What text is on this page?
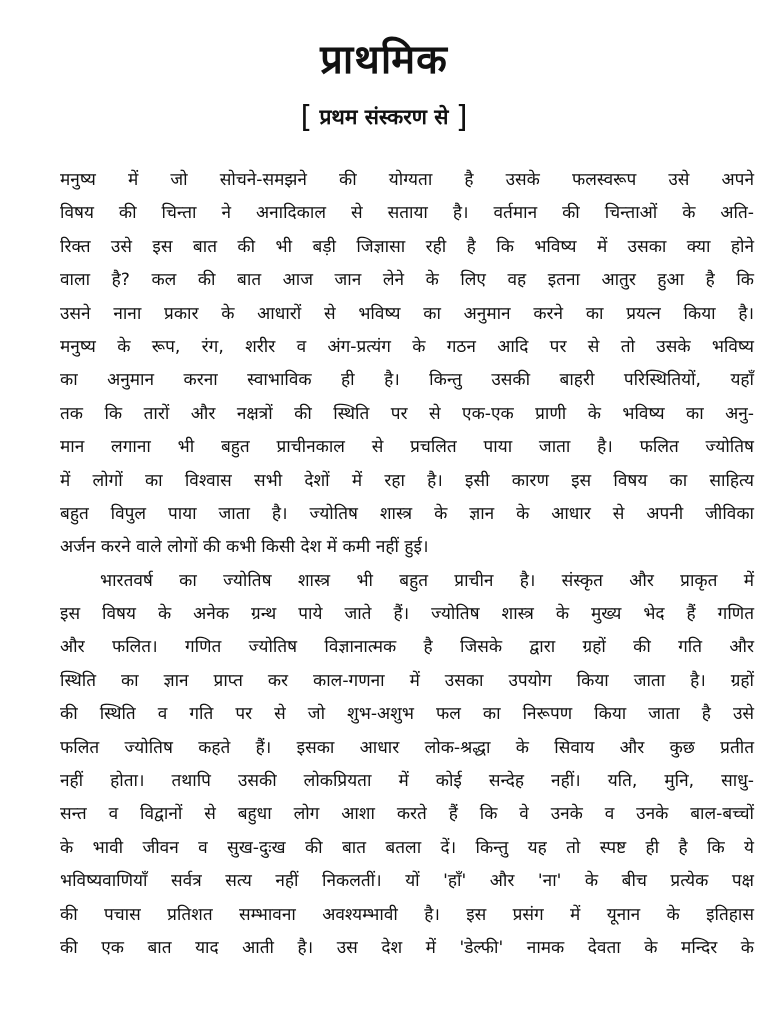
प्राथमिक
[ प्रथम संस्करण से ]
मनुष्य में जो सोचने-समझने की योग्यता है उसके फलस्वरूप उसे अपने
विषय की चिन्ता ने अनादिकाल से सताया है। वर्तमान की चिन्ताओं के अति-
रिक्त उसे इस बात की भी बड़ी जिज्ञासा रही है कि भविष्य में उसका क्या होने
वाला है? कल की बात आज जान लेने के लिए वह इतना आतुर हुआ है कि
उसने नाना प्रकार के आधारों से भविष्य का अनुमान करने का प्रयत्न किया है।
मनुष्य के रूप, रंग, शरीर व अंग-प्रत्यंग के गठन आदि पर से तो उसके भविष्य
का अनुमान करना स्वाभाविक ही है। किन्तु उसकी बाहरी परिस्थितियों, यहाँ
तक कि तारों और नक्षत्रों की स्थिति पर से एक-एक प्राणी के भविष्य का अनु-
मान लगाना भी बहुत प्राचीनकाल से प्रचलित पाया जाता है। फलित ज्योतिष
में लोगों का विश्वास सभी देशों में रहा है। इसी कारण इस विषय का साहित्य
बहुत विपुल पाया जाता है। ज्योतिष शास्त्र के ज्ञान के आधार से अपनी जीविका
अर्जन करने वाले लोगों की कभी किसी देश में कमी नहीं हुई।
भारतवर्ष का ज्योतिष शास्त्र भी बहुत प्राचीन है। संस्कृत और प्राकृत में
इस विषय के अनेक ग्रन्थ पाये जाते हैं। ज्योतिष शास्त्र के मुख्य भेद हैं गणित
और फलित। गणित ज्योतिष विज्ञानात्मक है जिसके द्वारा ग्रहों की गति और
स्थिति का ज्ञान प्राप्त कर काल-गणना में उसका उपयोग किया जाता है। ग्रहों
की स्थिति व गति पर से जो शुभ-अशुभ फल का निरूपण किया जाता है उसे
फलित ज्योतिष कहते हैं। इसका आधार लोक-श्रद्धा के सिवाय और कुछ प्रतीत
नहीं होता। तथापि उसकी लोकप्रियता में कोई सन्देह नहीं। यति, मुनि, साधु-
सन्त व विद्वानों से बहुधा लोग आशा करते हैं कि वे उनके व उनके बाल-बच्चों
के भावी जीवन व सुख-दुःख की बात बतला दें। किन्तु यह तो स्पष्ट ही है कि ये
भविष्यवाणियाँ सर्वत्र सत्य नहीं निकलतीं। यों 'हाँ' और 'ना' के बीच प्रत्येक पक्ष
की पचास प्रतिशत सम्भावना अवश्यम्भावी है। इस प्रसंग में यूनान के इतिहास
की एक बात याद आती है। उस देश में 'डेल्फी' नामक देवता के मन्दिर के
